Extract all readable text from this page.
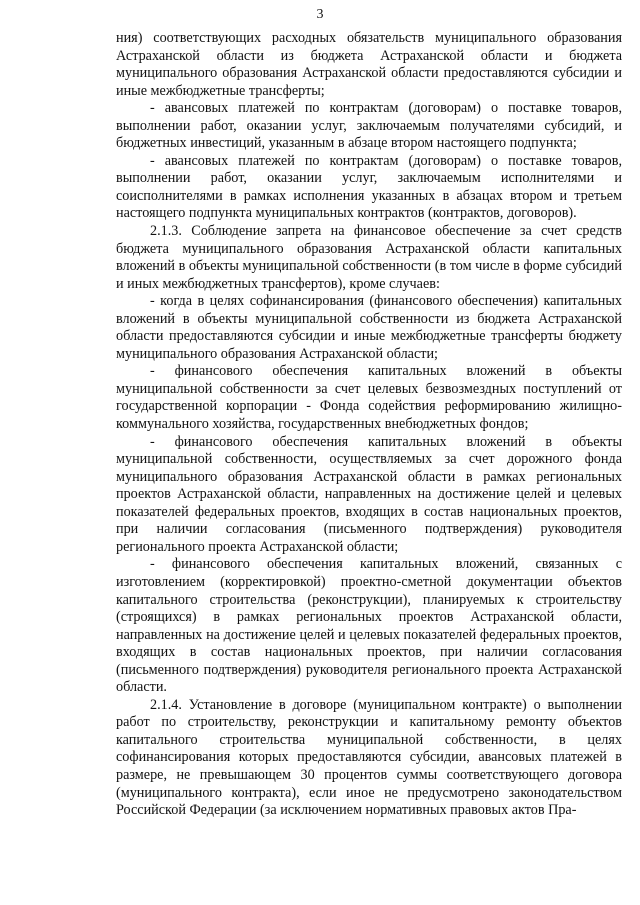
3

ния) соответствующих расходных обязательств муниципального образования Астраханской области из бюджета Астраханской области и бюджета муниципального образования Астраханской области предоставляются субсидии и иные межбюджетные трансферты;

- авансовых платежей по контрактам (договорам) о поставке товаров, выполнении работ, оказании услуг, заключаемым получателями субсидий, и бюджетных инвестиций, указанным в абзаце втором настоящего подпункта;

- авансовых платежей по контрактам (договорам) о поставке товаров, выполнении работ, оказании услуг, заключаемым исполнителями и соисполнителями в рамках исполнения указанных в абзацах втором и третьем настоящего подпункта муниципальных контрактов (контрактов, договоров).

2.1.3. Соблюдение запрета на финансовое обеспечение за счет средств бюджета муниципального образования Астраханской области капитальных вложений в объекты муниципальной собственности (в том числе в форме субсидий и иных межбюджетных трансфертов), кроме случаев:

- когда в целях софинансирования (финансового обеспечения) капитальных вложений в объекты муниципальной собственности из бюджета Астраханской области предоставляются субсидии и иные межбюджетные трансферты бюджету муниципального образования Астраханской области;

- финансового обеспечения капитальных вложений в объекты муниципальной собственности за счет целевых безвозмездных поступлений от государственной корпорации - Фонда содействия реформированию жилищно-коммунального хозяйства, государственных внебюджетных фондов;

- финансового обеспечения капитальных вложений в объекты муниципальной собственности, осуществляемых за счет дорожного фонда муниципального образования Астраханской области в рамках региональных проектов Астраханской области, направленных на достижение целей и целевых показателей федеральных проектов, входящих в состав национальных проектов, при наличии согласования (письменного подтверждения) руководителя регионального проекта Астраханской области;

- финансового обеспечения капитальных вложений, связанных с изготовлением (корректировкой) проектно-сметной документации объектов капитального строительства (реконструкции), планируемых к строительству (строящихся) в рамках региональных проектов Астраханской области, направленных на достижение целей и целевых показателей федеральных проектов, входящих в состав национальных проектов, при наличии согласования (письменного подтверждения) руководителя регионального проекта Астраханской области.

2.1.4. Установление в договоре (муниципальном контракте) о выполнении работ по строительству, реконструкции и капитальному ремонту объектов капитального строительства муниципальной собственности, в целях софинансирования которых предоставляются субсидии, авансовых платежей в размере, не превышающем 30 процентов суммы соответствующего договора (муниципального контракта), если иное не предусмотрено законодательством Российской Федерации (за исключением нормативных правовых актов Пра-
